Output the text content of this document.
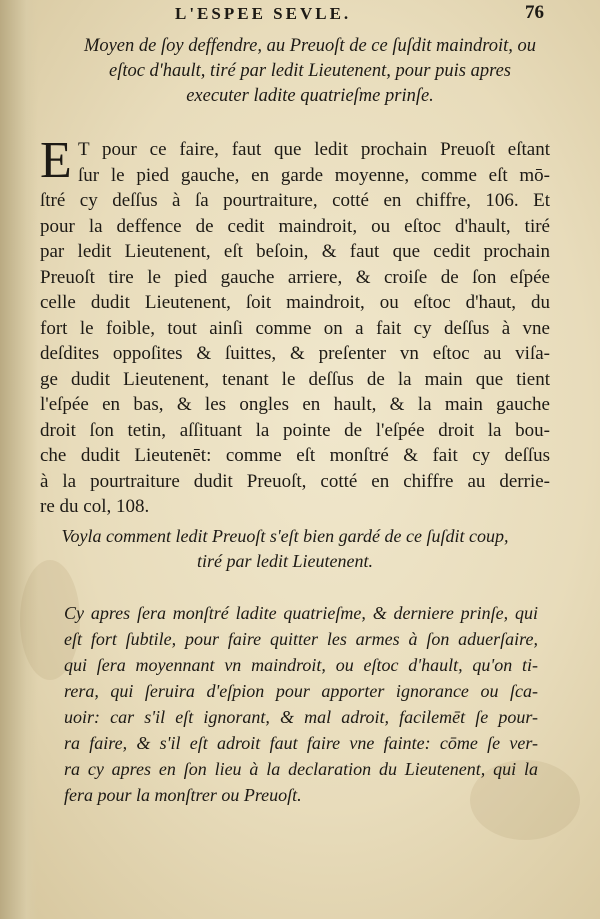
L'ESPEE SEVLE.	76
Moyen de ſoy deffendre, au Preuoſt de ce ſuſdit maindroit, ou
eſtoc d'hault, tiré par ledit Lieutenent, pour puis apres
executer ladite quatrieſme prinſe.
E T pour ce faire, faut que ledit prochain Preuoſt eſtant
ſur le pied gauche, en garde moyenne, comme eſt mō-
ſtré cy deſſus à ſa pourtraiture, cotté en chiffre, 106. Et
pour la deffence de cedit maindroit, ou eſtoc d'hault, tiré
par ledit Lieutenent, eſt beſoin, & faut que cedit prochain
Preuoſt tire le pied gauche arriere, & croiſe de ſon eſpée
celle dudit Lieutenent, ſoit maindroit, ou eſtoc d'haut, du
fort le foible, tout ainſi comme on a fait cy deſſus à vne
deſdites oppoſites & ſuittes, & preſenter vn eſtoc au viſa-
ge dudit Lieutenent, tenant le deſſus de la main que tient
l'eſpée en bas, & les ongles en hault, & la main gauche
droit ſon tetin, aſſituant la pointe de l'eſpée droit la bou-
che dudit Lieutenēt: comme eſt monſtré & fait cy deſſus
à la pourtraiture dudit Preuoſt, cotté en chiffre au derrie-
re du col, 108.
Voyla comment ledit Preuoſt s'eſt bien gardé de ce ſuſdit coup,
tiré par ledit Lieutenent.
Cy apres ſera monſtré ladite quatrieſme, & derniere prinſe, qui
eſt fort ſubtile, pour faire quitter les armes à ſon aduerſaire,
qui ſera moyennant vn maindroit, ou eſtoc d'hault, qu'on ti-
rera, qui ſeruira d'eſpion pour apporter ignorance ou ſca-
uoir: car s'il eſt ignorant, & mal adroit, facilemēt ſe pour-
ra faire, & s'il eſt adroit faut faire vne fainte: cōme ſe ver-
ra cy apres en ſon lieu à la declaration du Lieutenent, qui la
fera pour la monſtrer ou Preuoſt.
